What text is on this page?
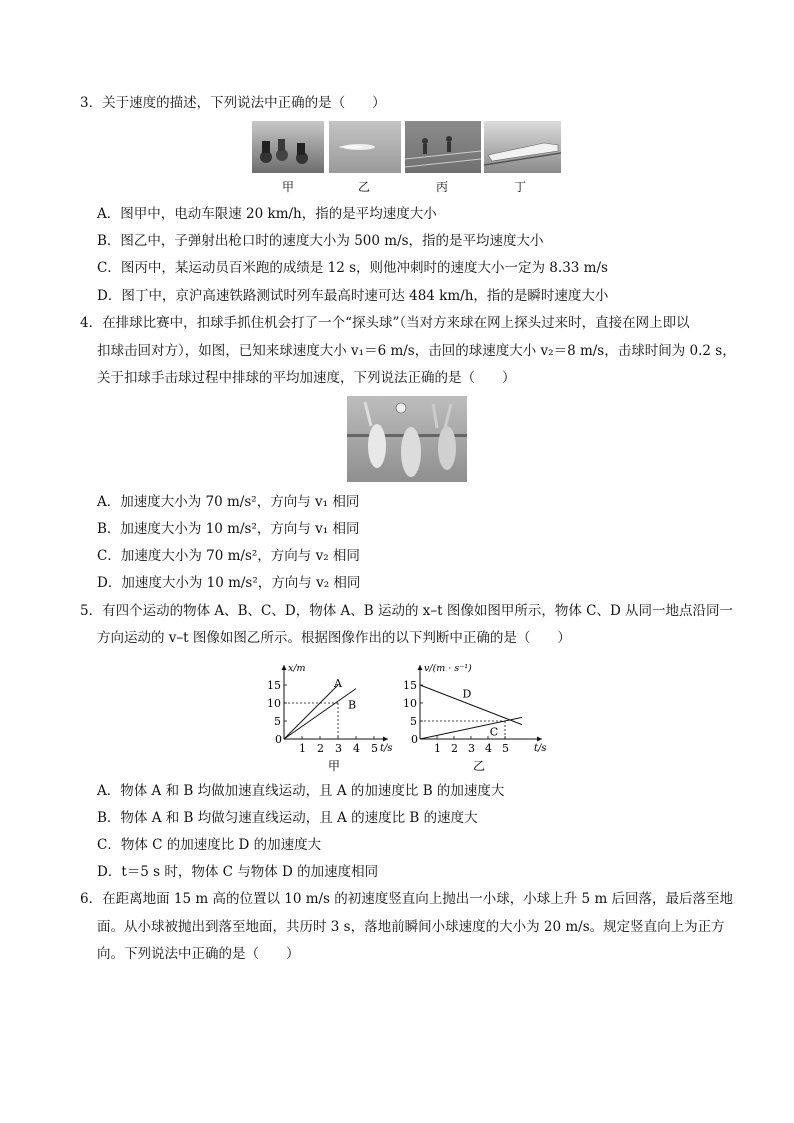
3．关于速度的描述，下列说法中正确的是（　　）
甲	乙	丙	丁
A．图甲中，电动车限速 20 km/h，指的是平均速度大小
B．图乙中，子弹射出枪口时的速度大小为 500 m/s，指的是平均速度大小
C．图丙中，某运动员百米跑的成绩是 12 s，则他冲刺时的速度大小一定为 8.33 m/s
D．图丁中，京沪高速铁路测试时列车最高时速可达 484 km/h，指的是瞬时速度大小
4．在排球比赛中，扣球手抓住机会打了一个“探头球”（当对方来球在网上探头过来时，直接在网上即以
扣球击回对方），如图，已知来球速度大小 v₁＝6 m/s，击回的球速度大小 v₂＝8 m/s，击球时间为 0.2 s，
关于扣球手击球过程中排球的平均加速度，下列说法正确的是（　　）
A．加速度大小为 70 m/s²，方向与 v₁ 相同
B．加速度大小为 10 m/s²，方向与 v₁ 相同
C．加速度大小为 70 m/s²，方向与 v₂ 相同
D．加速度大小为 10 m/s²，方向与 v₂ 相同
5．有四个运动的物体 A、B、C、D，物体 A、B 运动的 x–t 图像如图甲所示，物体 C、D 从同一地点沿同一
方向运动的 v–t 图像如图乙所示。根据图像作出的以下判断中正确的是（　　）
t/s
x/m
0
1 2 3 4 5
5
10
15
甲
A
B
t/s
v/(m · s⁻¹)
0
1 2 3 4 5
5
10
15
乙
D
C
A．物体 A 和 B 均做加速直线运动，且 A 的加速度比 B 的加速度大
B．物体 A 和 B 均做匀速直线运动，且 A 的速度比 B 的速度大
C．物体 C 的加速度比 D 的加速度大
D．t＝5 s 时，物体 C 与物体 D 的加速度相同
6．在距离地面 15 m 高的位置以 10 m/s 的初速度竖直向上抛出一小球，小球上升 5 m 后回落，最后落至地
面。从小球被抛出到落至地面，共历时 3 s，落地前瞬间小球速度的大小为 20 m/s。规定竖直向上为正方
向。下列说法中正确的是（　　）
